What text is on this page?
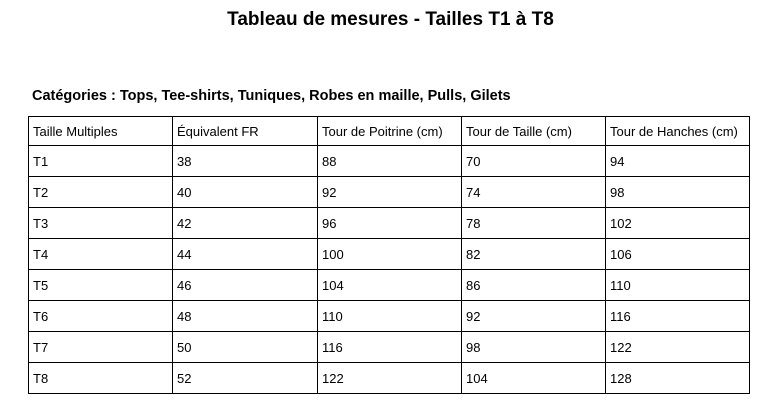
Tableau de mesures - Tailles T1 à T8
Catégories : Tops, Tee-shirts, Tuniques, Robes en maille, Pulls, Gilets
Taille Multiples	Équivalent FR	Tour de Poitrine (cm)	Tour de Taille (cm)	Tour de Hanches (cm)
T1	38	88	70	94
T2	40	92	74	98
T3	42	96	78	102
T4	44	100	82	106
T5	46	104	86	110
T6	48	110	92	116
T7	50	116	98	122
T8	52	122	104	128
